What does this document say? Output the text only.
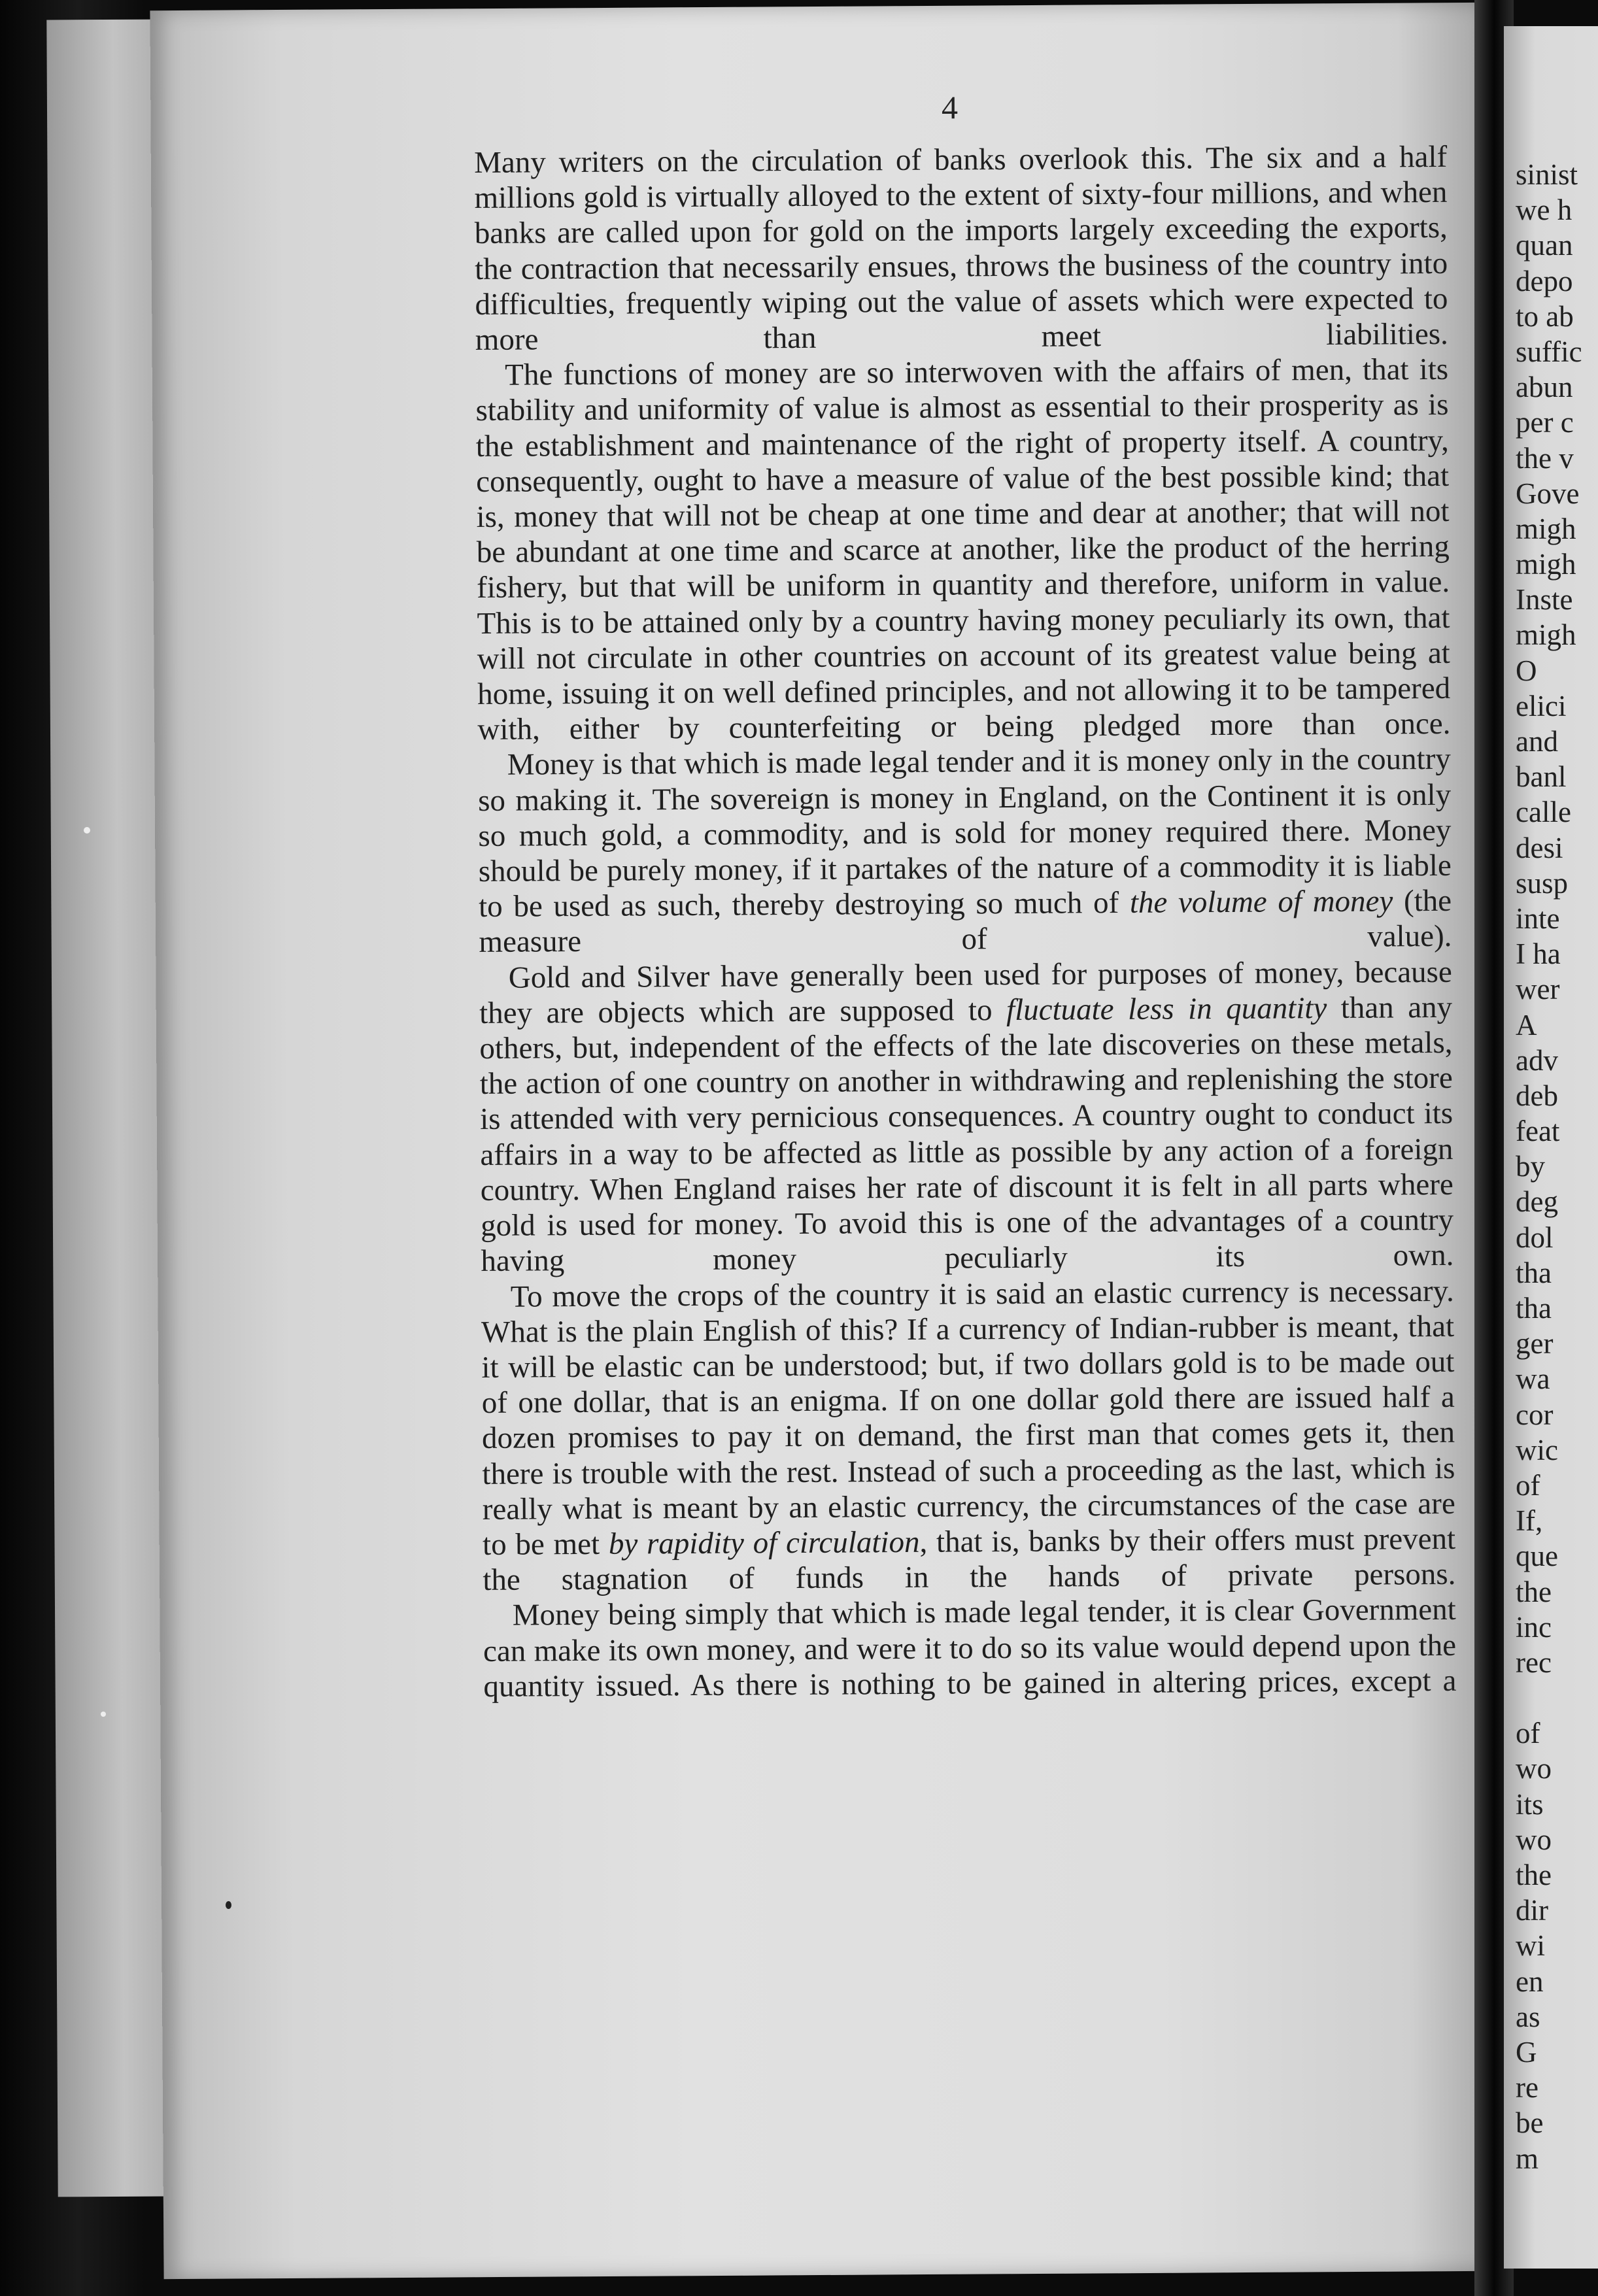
4

Many writers on the circulation of banks overlook this. The six and a half millions gold is virtually alloyed to the extent of sixty-four millions, and when banks are called upon for gold on the imports largely exceeding the exports, the contraction that necessarily ensues, throws the business of the country into difficulties, frequently wiping out the value of assets which were expected to more than meet liabilities.

The functions of money are so interwoven with the affairs of men, that its stability and uniformity of value is almost as essential to their prosperity as is the establishment and maintenance of the right of property itself. A country, consequently, ought to have a measure of value of the best possible kind; that is, money that will not be cheap at one time and dear at another; that will not be abundant at one time and scarce at another, like the product of the herring fishery, but that will be uniform in quantity and therefore, uniform in value. This is to be attained only by a country having money peculiarly its own, that will not circulate in other countries on account of its greatest value being at home, issuing it on well defined principles, and not allowing it to be tampered with, either by counterfeiting or being pledged more than once.

Money is that which is made legal tender and it is money only in the country so making it. The sovereign is money in England, on the Continent it is only so much gold, a commodity, and is sold for money required there. Money should be purely money, if it partakes of the nature of a commodity it is liable to be used as such, thereby destroying so much of the volume of money (the measure of value).

Gold and Silver have generally been used for purposes of money, because they are objects which are supposed to fluctuate less in quantity than any others, but, independent of the effects of the late discoveries on these metals, the action of one country on another in withdrawing and replenishing the store is attended with very pernicious consequences. A country ought to conduct its affairs in a way to be affected as little as possible by any action of a foreign country. When England raises her rate of discount it is felt in all parts where gold is used for money. To avoid this is one of the advantages of a country having money peculiarly its own.

To move the crops of the country it is said an elastic currency is necessary. What is the plain English of this? If a currency of Indian-rubber is meant, that it will be elastic can be understood; but, if two dollars gold is to be made out of one dollar, that is an enigma. If on one dollar gold there are issued half a dozen promises to pay it on demand, the first man that comes gets it, then there is trouble with the rest. Instead of such a proceeding as the last, which is really what is meant by an elastic currency, the circumstances of the case are to be met by rapidity of circulation, that is, banks by their offers must prevent the stagnation of funds in the hands of private persons.

Money being simply that which is made legal tender, it is clear Government can make its own money, and were it to do so its value would depend upon the quantity issued. As there is nothing to be gained in altering prices, except a

sinist
we h
quan
depo
to ab
suffic
abun
per c
the v
Gove
migh
migh
Inste
migh
O
elici
and
banl
calle
desi
susp
inte
I ha
wer
A
adv
deb
feat
by
deg
dol
tha
tha
ger
wa
cor
wic
of
If,
que
the
inc
rec
of
wo
its
wo
the
dir
wi
en
as
G
re
be
m
